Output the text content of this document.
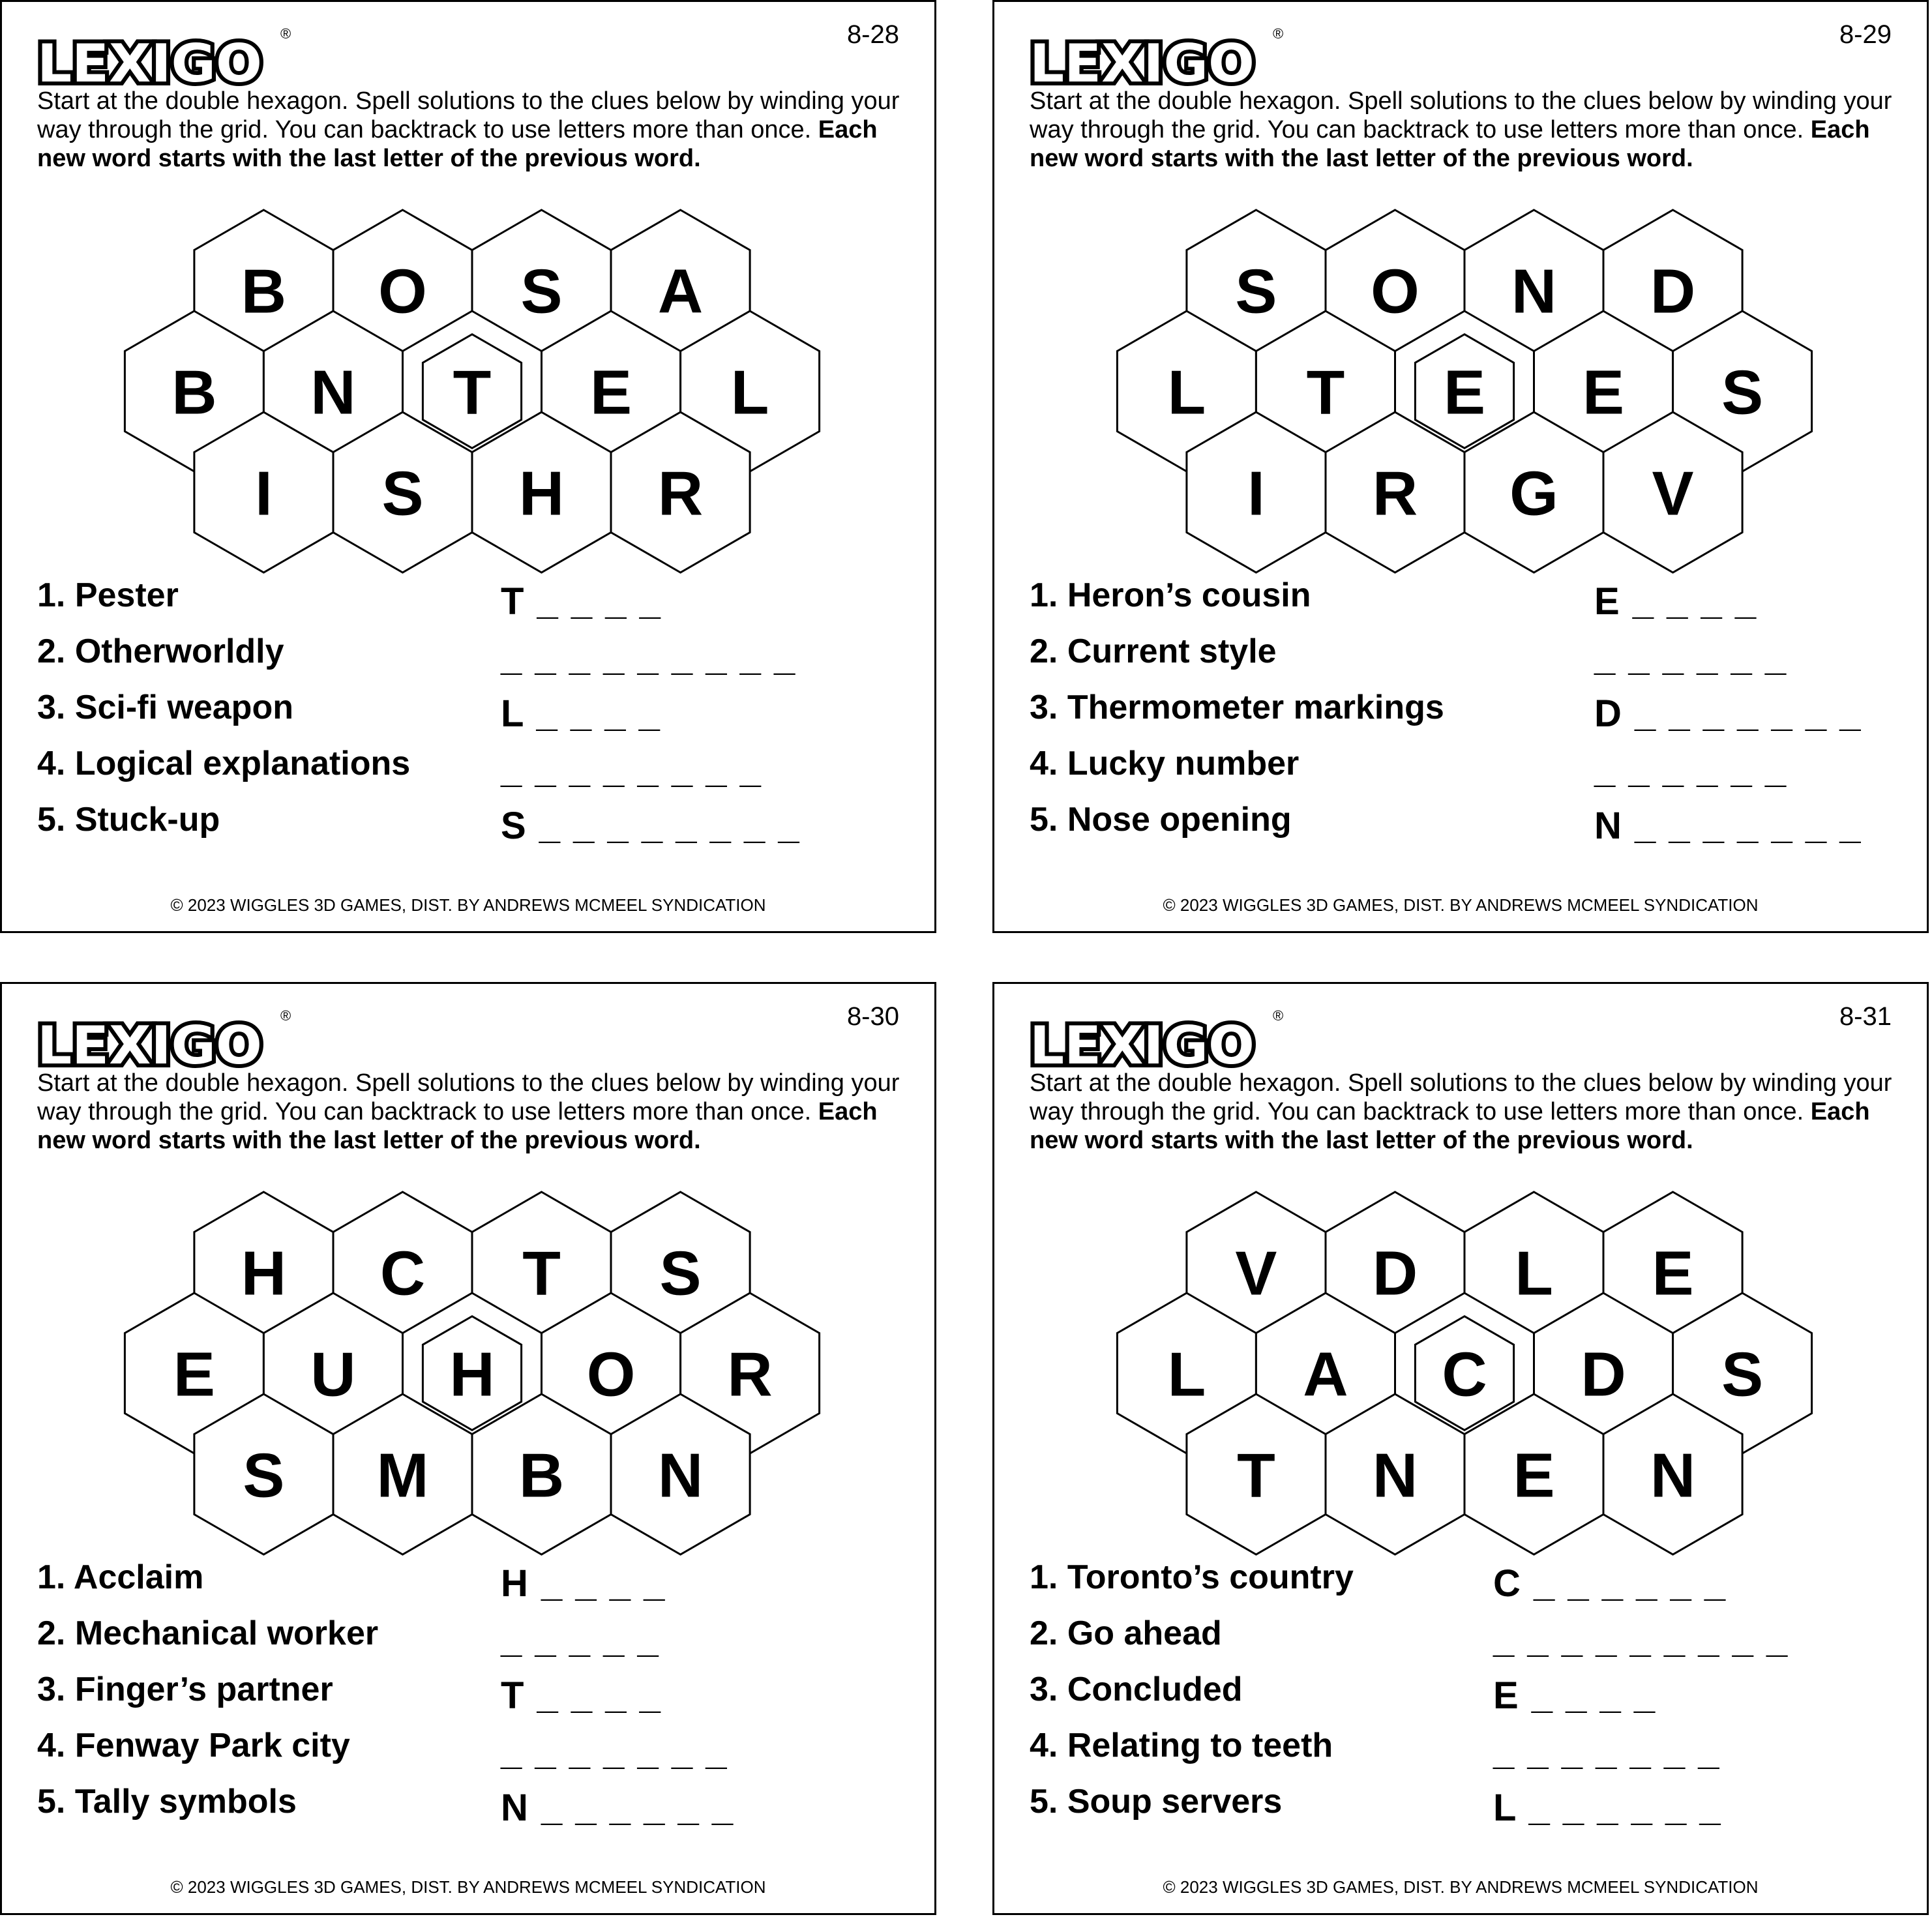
LEXIGO ®	8-28
Start at the double hexagon. Spell solutions to the clues below by winding your way through the grid. You can backtrack to use letters more than once. Each new word starts with the last letter of the previous word.
B O S A
B N T E L
I S H R
1. Pester	T _ _ _ _
2. Otherworldly	_ _ _ _ _ _ _ _ _
3. Sci-fi weapon	L _ _ _ _
4. Logical explanations _ _ _ _ _ _ _ _
5. Stuck-up	S _ _ _ _ _ _ _ _
© 2023 WIGGLES 3D GAMES, DIST. BY ANDREWS MCMEEL SYNDICATION
LEXIGO ®	8-29
Start at the double hexagon. Spell solutions to the clues below by winding your way through the grid. You can backtrack to use letters more than once. Each new word starts with the last letter of the previous word.
S O N D
L T E E S
I R G V
1. Heron’s cousin	E _ _ _ _
2. Current style	_ _ _ _ _ _
3. Thermometer markings	D _ _ _ _ _ _ _
4. Lucky number	_ _ _ _ _ _
5. Nose opening	N _ _ _ _ _ _ _
© 2023 WIGGLES 3D GAMES, DIST. BY ANDREWS MCMEEL SYNDICATION
LEXIGO ®	8-30
Start at the double hexagon. Spell solutions to the clues below by winding your way through the grid. You can backtrack to use letters more than once. Each new word starts with the last letter of the previous word.
H C T S
E U H O R
S M B N
1. Acclaim	H _ _ _ _
2. Mechanical worker	_ _ _ _ _
3. Finger’s partner	T _ _ _ _
4. Fenway Park city	_ _ _ _ _ _ _
5. Tally symbols	N _ _ _ _ _ _
© 2023 WIGGLES 3D GAMES, DIST. BY ANDREWS MCMEEL SYNDICATION
LEXIGO ®	8-31
Start at the double hexagon. Spell solutions to the clues below by winding your way through the grid. You can backtrack to use letters more than once. Each new word starts with the last letter of the previous word.
V D L E
L A C D S
T N E N
1. Toronto’s country	C _ _ _ _ _ _
2. Go ahead	_ _ _ _ _ _ _ _ _
3. Concluded	E _ _ _ _
4. Relating to teeth	_ _ _ _ _ _ _
5. Soup servers	L _ _ _ _ _ _
© 2023 WIGGLES 3D GAMES, DIST. BY ANDREWS MCMEEL SYNDICATION
